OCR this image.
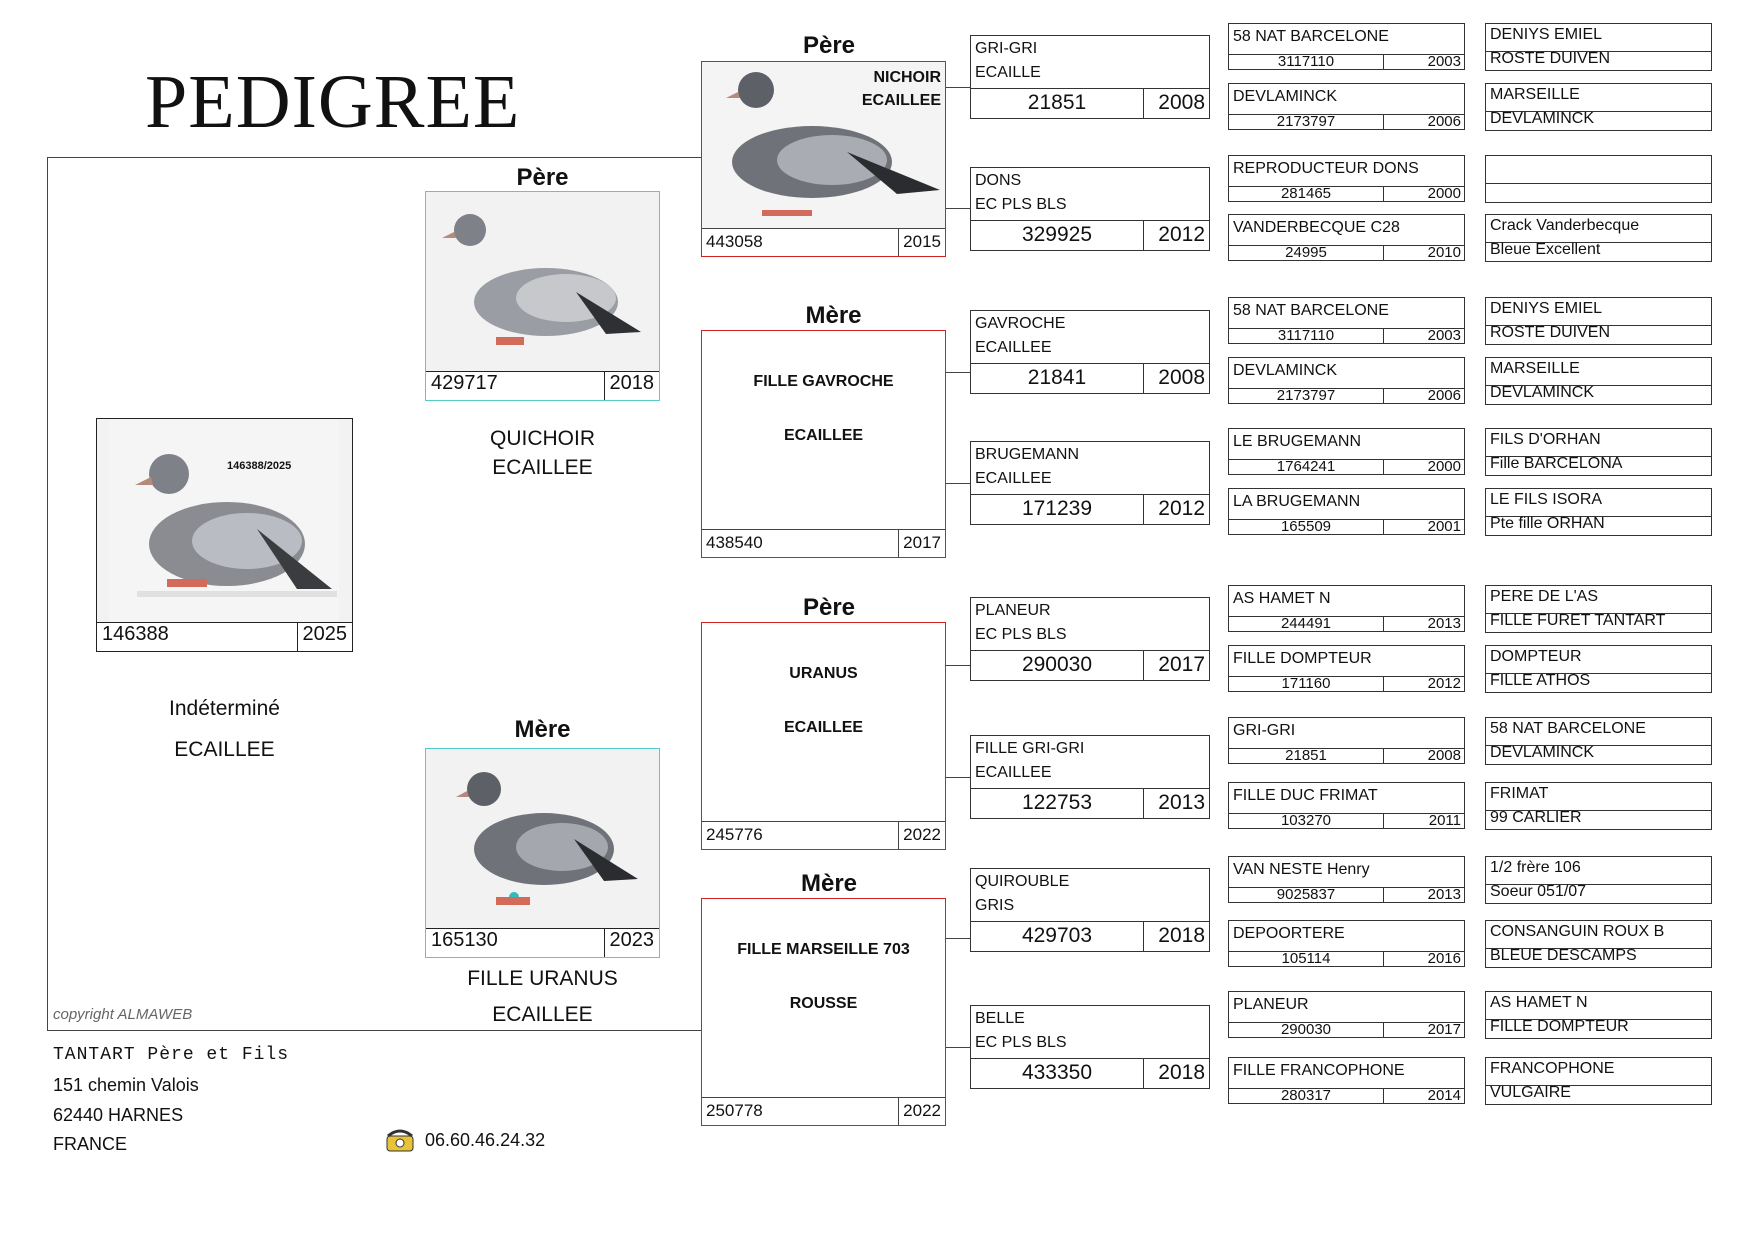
PEDIGREE
copyright ALMAWEB
146388/2025
146388	2025
Indéterminé
ECAILLEE
Père
429717	2018
QUICHOIR
ECAILLEE
Mère
165130	2023
FILLE URANUS
ECAILLEE
Père
NICHOIR
ECAILLEE
443058	2015
Mère
FILLE GAVROCHE
ECAILLEE
438540	2017
Père
URANUS
ECAILLEE
245776	2022
Mère
FILLE MARSEILLE 703
ROUSSE
250778	2022
GRI-GRI
ECAILLE
21851	2008
DONS
EC PLS BLS
329925	2012
GAVROCHE
ECAILLEE
21841	2008
BRUGEMANN
ECAILLEE
171239	2012
PLANEUR
EC PLS BLS
290030	2017
FILLE GRI-GRI
ECAILLEE
122753	2013
QUIROUBLE
GRIS
429703	2018
BELLE
EC PLS BLS
433350	2018
58 NAT BARCELONE
3117110	2003
DEVLAMINCK
2173797	2006
REPRODUCTEUR DONS
281465	2000
VANDERBECQUE C28
24995	2010
58 NAT BARCELONE
3117110	2003
DEVLAMINCK
2173797	2006
LE BRUGEMANN
1764241	2000
LA BRUGEMANN
165509	2001
AS HAMET N
244491	2013
FILLE DOMPTEUR
171160	2012
GRI-GRI
21851	2008
FILLE DUC FRIMAT
103270	2011
VAN NESTE Henry
9025837	2013
DEPOORTERE
105114	2016
PLANEUR
290030	2017
FILLE FRANCOPHONE
280317	2014
DENIYS EMIEL
ROSTE DUIVEN
MARSEILLE
DEVLAMINCK
Crack Vanderbecque
Bleue Excellent
DENIYS EMIEL
ROSTE DUIVEN
MARSEILLE
DEVLAMINCK
FILS D'ORHAN
Fille BARCELONA
LE FILS ISORA
Pte fille ORHAN
PERE DE L'AS
FILLE FURET TANTART
DOMPTEUR
FILLE ATHOS
58 NAT BARCELONE
DEVLAMINCK
FRIMAT
99 CARLIER
1/2 frère 106
Soeur 051/07
CONSANGUIN ROUX B
BLEUE DESCAMPS
AS HAMET N
FILLE DOMPTEUR
FRANCOPHONE
VULGAIRE
TANTART Père et Fils
151 chemin Valois
62440 HARNES
FRANCE	06.60.46.24.32
